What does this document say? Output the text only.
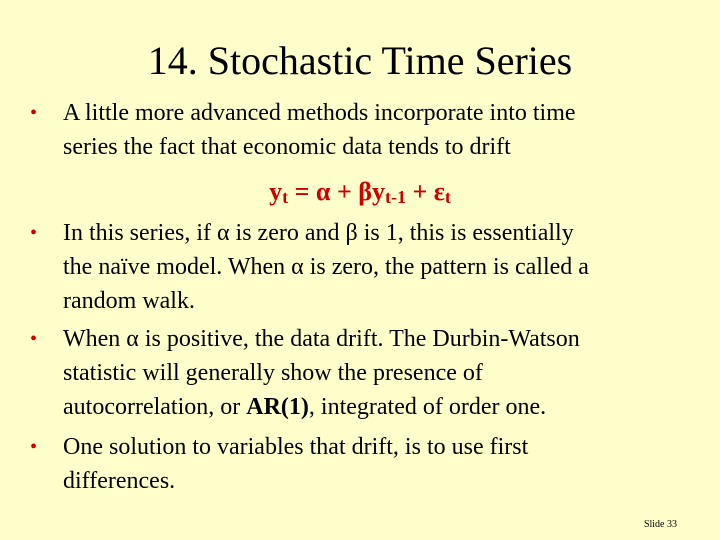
14. Stochastic Time Series
• A little more advanced methods incorporate into time
series the fact that economic data tends to drift
$y_t = \alpha + \beta y_{t-1} + \varepsilon_t$
• In this series, if α is zero and β is 1, this is essentially
the naïve model. When α is zero, the pattern is called a
random walk.
• When α is positive, the data drift. The Durbin-Watson
statistic will generally show the presence of
autocorrelation, or AR(1), integrated of order one.
• One solution to variables that drift, is to use first
differences.
Slide 33
